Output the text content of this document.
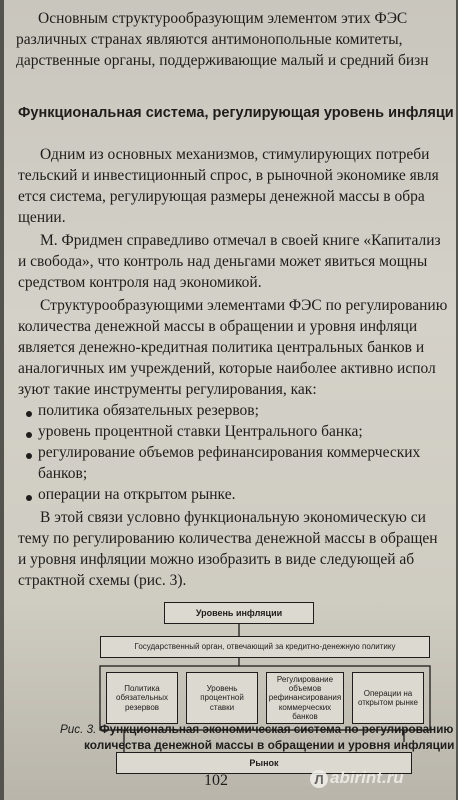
Основным структурообразующим элементом этих ФЭС
различных странах являются антимонопольные комитеты,
дарственные органы, поддерживающие малый и средний бизн
Функциональная система, регулирующая уровень инфляци
Одним из основных механизмов, стимулирующих потреби
тельский и инвестиционный спрос, в рыночной экономике явля
ется система, регулирующая размеры денежной массы в обра
щении.
М. Фридмен справедливо отмечал в своей книге «Капитализ
и свобода», что контроль над деньгами может явиться мощны
средством контроля над экономикой.
Структурообразующими элементами ФЭС по регулированию
количества денежной массы в обращении и уровня инфляци
является денежно-кредитная политика центральных банков и
аналогичных им учреждений, которые наиболее активно испол
зуют такие инструменты регулирования, как:
политика обязательных резервов;
уровень процентной ставки Центрального банка;
регулирование объемов рефинансирования коммерческих
банков;
операции на открытом рынке.
В этой связи условно функциональную экономическую си
тему по регулированию количества денежной массы в обращен
и уровня инфляции можно изобразить в виде следующей аб
страктной схемы (рис. 3).
Уровень инфляции
Государственный орган, отвечающий за кредитно-денежную политику
Политика обязательных резервов
Уровень процентной ставки
Регулирование объемов рефинансирования коммерческих банков
Операции на открытом рынке
Рынок
Рис. 3. Функциональная экономическая система по регулированию
количества денежной массы в обращении и уровня инфляции
102	Л abirint.ru
